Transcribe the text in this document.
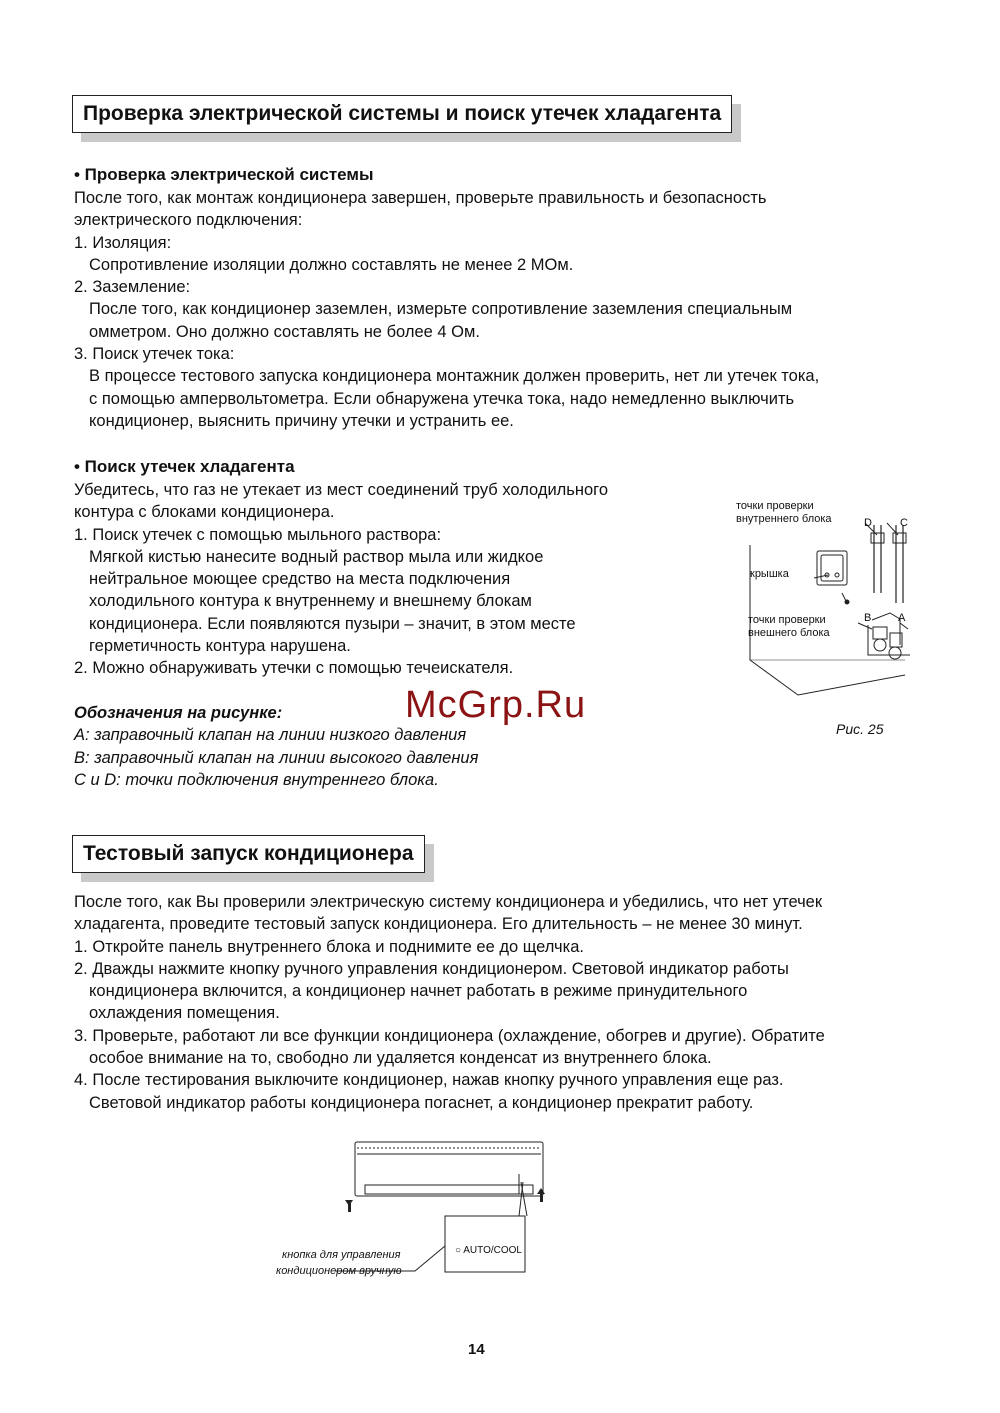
Проверка электрической системы и поиск утечек хладагента
• Проверка электрической системы
После того, как монтаж кондиционера завершен, проверьте правильность и безопасность
электрического подключения:
1. Изоляция:
Сопротивление изоляции должно составлять не менее 2 МОм.
2. Заземление:
После того, как кондиционер заземлен, измерьте сопротивление заземления специальным
омметром. Оно должно составлять не более 4 Ом.
3. Поиск утечек тока:
В процессе тестового запуска кондиционера монтажник должен проверить, нет ли утечек тока,
с помощью ампервольтометра. Если обнаружена утечка тока, надо немедленно выключить
кондиционер, выяснить причину утечки и устранить ее.
• Поиск утечек хладагента
Убедитесь, что газ не утекает из мест соединений труб холодильного
контура с блоками кондиционера.
1. Поиск утечек с помощью мыльного раствора:
Мягкой кистью нанесите водный раствор мыла или жидкое
нейтральное моющее средство на места подключения
холодильного контура к внутреннему и внешнему блокам
кондиционера. Если появляются пузыри – значит, в этом месте
герметичность контура нарушена.
2. Можно обнаруживать утечки с помощью течеискателя.
Обозначения на рисунке:
А: заправочный клапан на линии низкого давления
В: заправочный клапан на линии высокого давления
С и D: точки подключения внутреннего блока.
точки проверки
внутреннего блока	D	C
крышка
точки проверки
внешнего блока
B A
Рис. 25
McGrp.Ru
Тестовый запуск кондиционера
После того, как Вы проверили электрическую систему кондиционера и убедились, что нет утечек
хладагента, проведите тестовый запуск кондиционера. Его длительность – не менее 30 минут.
1. Откройте панель внутреннего блока и поднимите ее до щелчка.
2. Дважды нажмите кнопку ручного управления кондиционером. Световой индикатор работы
кондиционера включится, а кондиционер начнет работать в режиме принудительного
охлаждения помещения.
3. Проверьте, работают ли все функции кондиционера (охлаждение, обогрев и другие). Обратите
особое внимание на то, свободно ли удаляется конденсат из внутреннего блока.
4. После тестирования выключите кондиционер, нажав кнопку ручного управления еще раз.
Световой индикатор работы кондиционера погаснет, а кондиционер прекратит работу.
кнопка для управления
кондиционером вручную
○ AUTO/COOL
14
